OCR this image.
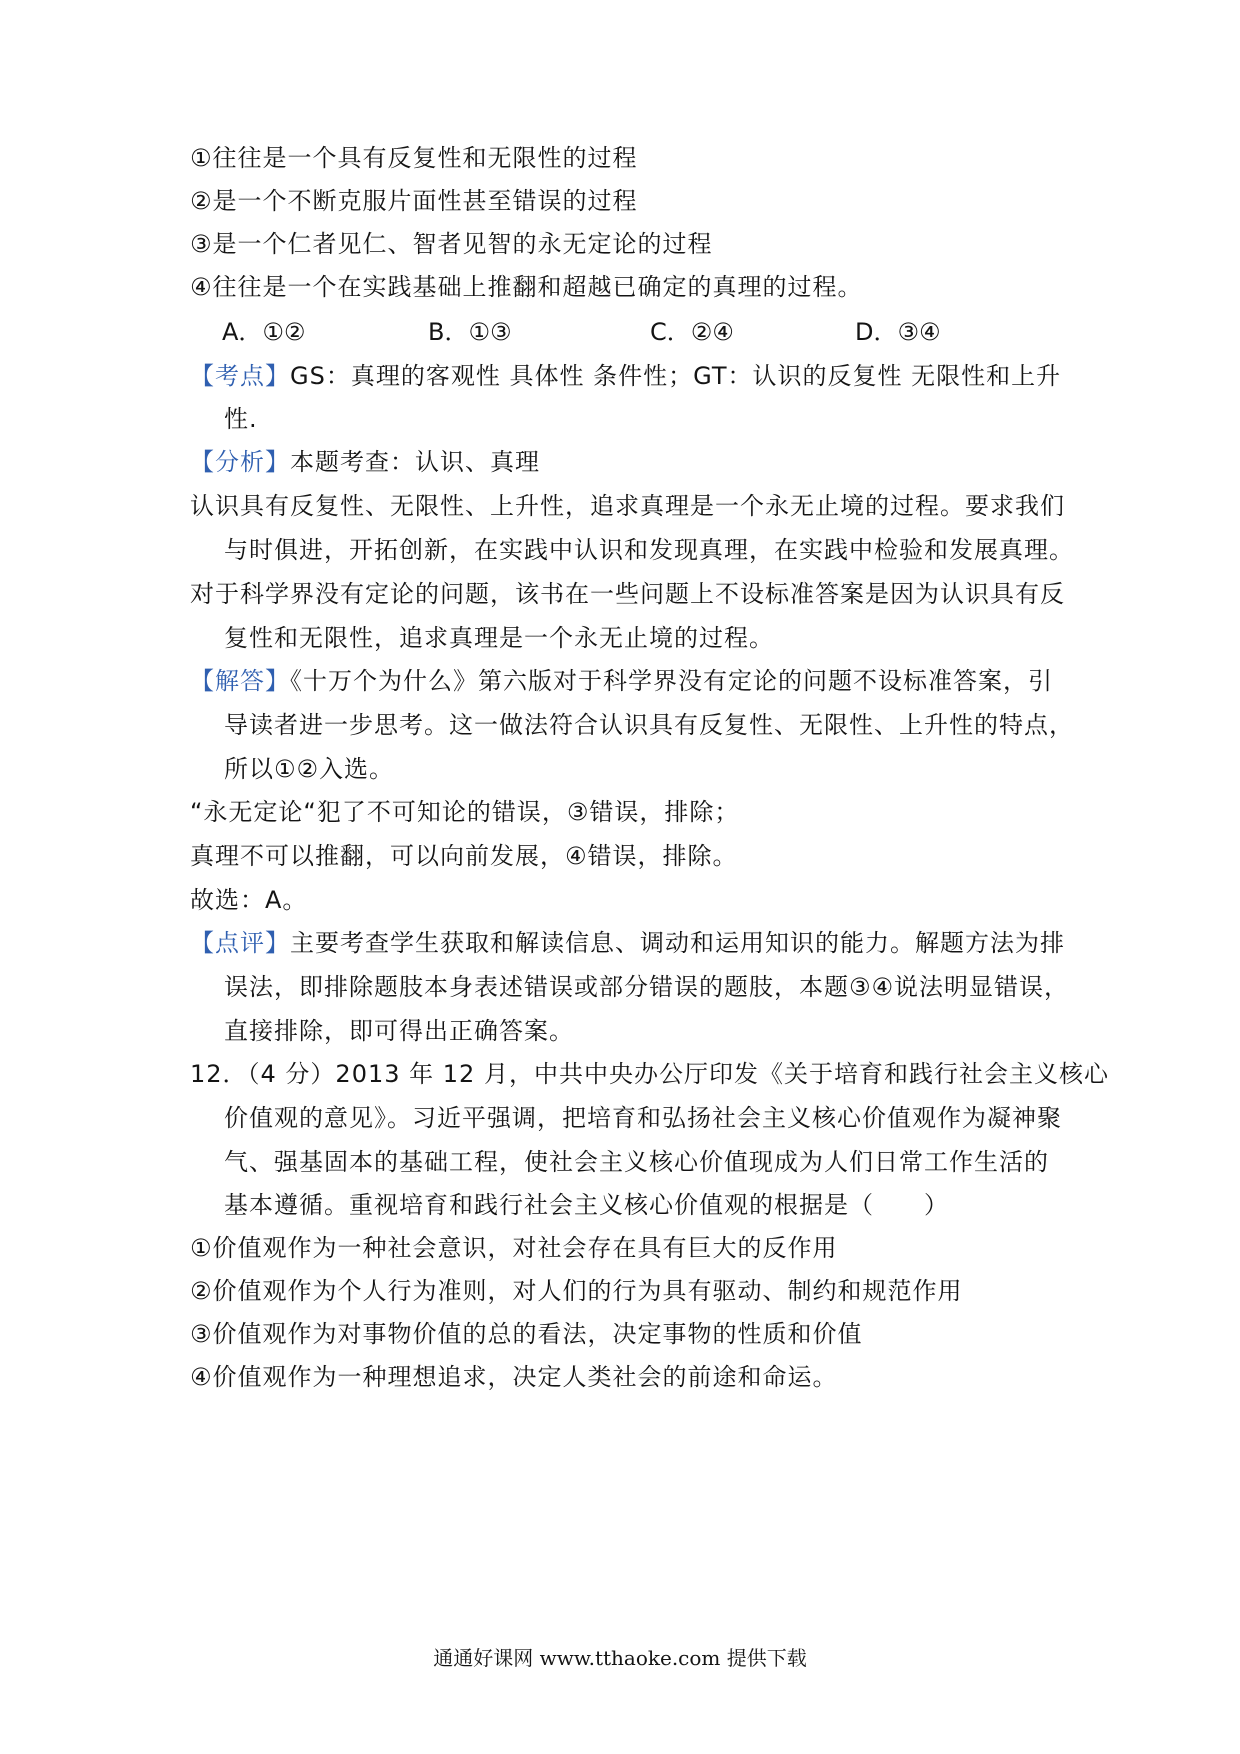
①往往是一个具有反复性和无限性的过程
②是一个不断克服片面性甚至错误的过程
③是一个仁者见仁、智者见智的永无定论的过程
④往往是一个在实践基础上推翻和超越已确定的真理的过程。
A．①②	B．①③	C．②④	D．③④
【考点】GS：真理的客观性 具体性 条件性；GT：认识的反复性 无限性和上升
性.
【分析】本题考查：认识、真理
认识具有反复性、无限性、上升性，追求真理是一个永无止境的过程。要求我们
与时俱进，开拓创新，在实践中认识和发现真理，在实践中检验和发展真理。
对于科学界没有定论的问题，该书在一些问题上不设标准答案是因为认识具有反
复性和无限性，追求真理是一个永无止境的过程。
【解答】《十万个为什么》第六版对于科学界没有定论的问题不设标准答案，引
导读者进一步思考。这一做法符合认识具有反复性、无限性、上升性的特点，
所以①②入选。
“永无定论“犯了不可知论的错误，③错误，排除；
真理不可以推翻，可以向前发展，④错误，排除。
故选：A。
【点评】主要考查学生获取和解读信息、调动和运用知识的能力。解题方法为排
误法，即排除题肢本身表述错误或部分错误的题肢，本题③④说法明显错误，
直接排除，即可得出正确答案。
12．（4 分）2013 年 12 月，中共中央办公厅印发《关于培育和践行社会主义核心
价值观的意见》。习近平强调，把培育和弘扬社会主义核心价值观作为凝神聚
气、强基固本的基础工程，使社会主义核心价值现成为人们日常工作生活的
基本遵循。重视培育和践行社会主义核心价值观的根据是（　　）
①价值观作为一种社会意识，对社会存在具有巨大的反作用
②价值观作为个人行为准则，对人们的行为具有驱动、制约和规范作用
③价值观作为对事物价值的总的看法，决定事物的性质和价值
④价值观作为一种理想追求，决定人类社会的前途和命运。
通通好课网 www.tthaoke.com 提供下载
